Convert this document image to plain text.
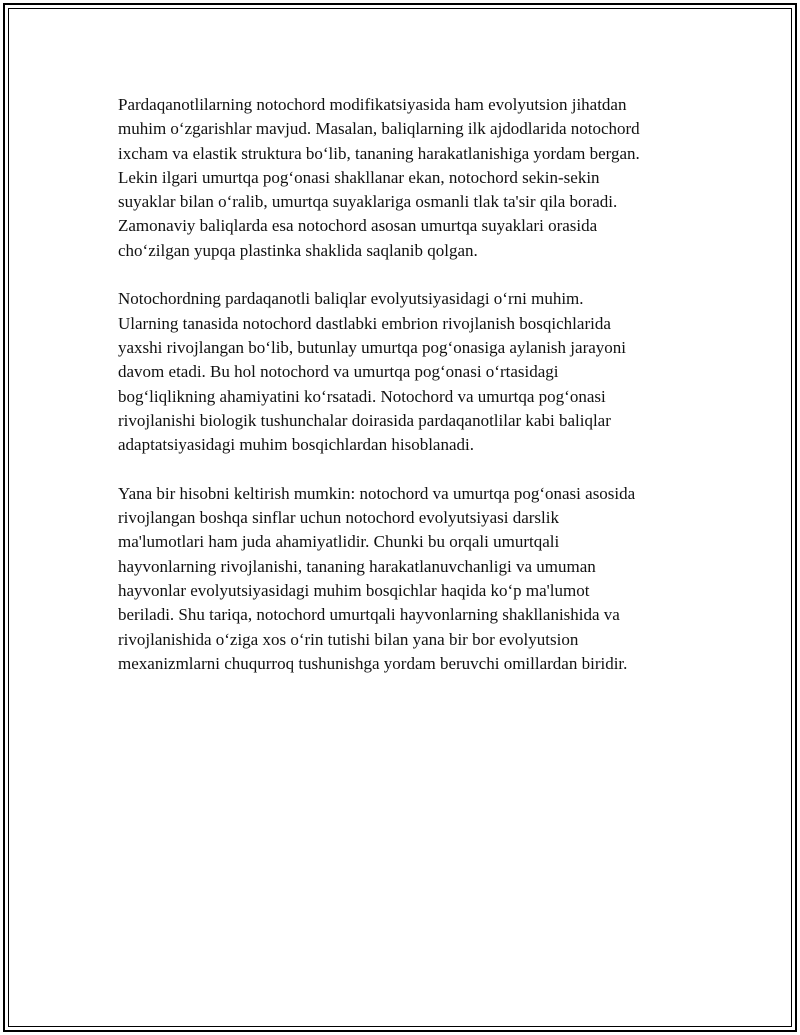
Pardaqanotlilarning notochord modifikatsiyasida ham evolyutsion jihatdan
muhim o‘zgarishlar mavjud. Masalan, baliqlarning ilk ajdodlarida notochord
ixcham va elastik struktura bo‘lib, tananing harakatlanishiga yordam bergan.
Lekin ilgari umurtqa pog‘onasi shakllanar ekan, notochord sekin-sekin
suyaklar bilan o‘ralib, umurtqa suyaklariga osmanli tlak ta'sir qila boradi.
Zamonaviy baliqlarda esa notochord asosan umurtqa suyaklari orasida
cho‘zilgan yupqa plastinka shaklida saqlanib qolgan.

Notochordning pardaqanotli baliqlar evolyutsiyasidagi o‘rni muhim.
Ularning tanasida notochord dastlabki embrion rivojlanish bosqichlarida
yaxshi rivojlangan bo‘lib, butunlay umurtqa pog‘onasiga aylanish jarayoni
davom etadi. Bu hol notochord va umurtqa pog‘onasi o‘rtasidagi
bog‘liqlikning ahamiyatini ko‘rsatadi. Notochord va umurtqa pog‘onasi
rivojlanishi biologik tushunchalar doirasida pardaqanotlilar kabi baliqlar
adaptatsiyasidagi muhim bosqichlardan hisoblanadi.

Yana bir hisobni keltirish mumkin: notochord va umurtqa pog‘onasi asosida
rivojlangan boshqa sinflar uchun notochord evolyutsiyasi darslik
ma'lumotlari ham juda ahamiyatlidir. Chunki bu orqali umurtqali
hayvonlarning rivojlanishi, tananing harakatlanuvchanligi va umuman
hayvonlar evolyutsiyasidagi muhim bosqichlar haqida ko‘p ma'lumot
beriladi. Shu tariqa, notochord umurtqali hayvonlarning shakllanishida va
rivojlanishida o‘ziga xos o‘rin tutishi bilan yana bir bor evolyutsion
mexanizmlarni chuqurroq tushunishga yordam beruvchi omillardan biridir.
